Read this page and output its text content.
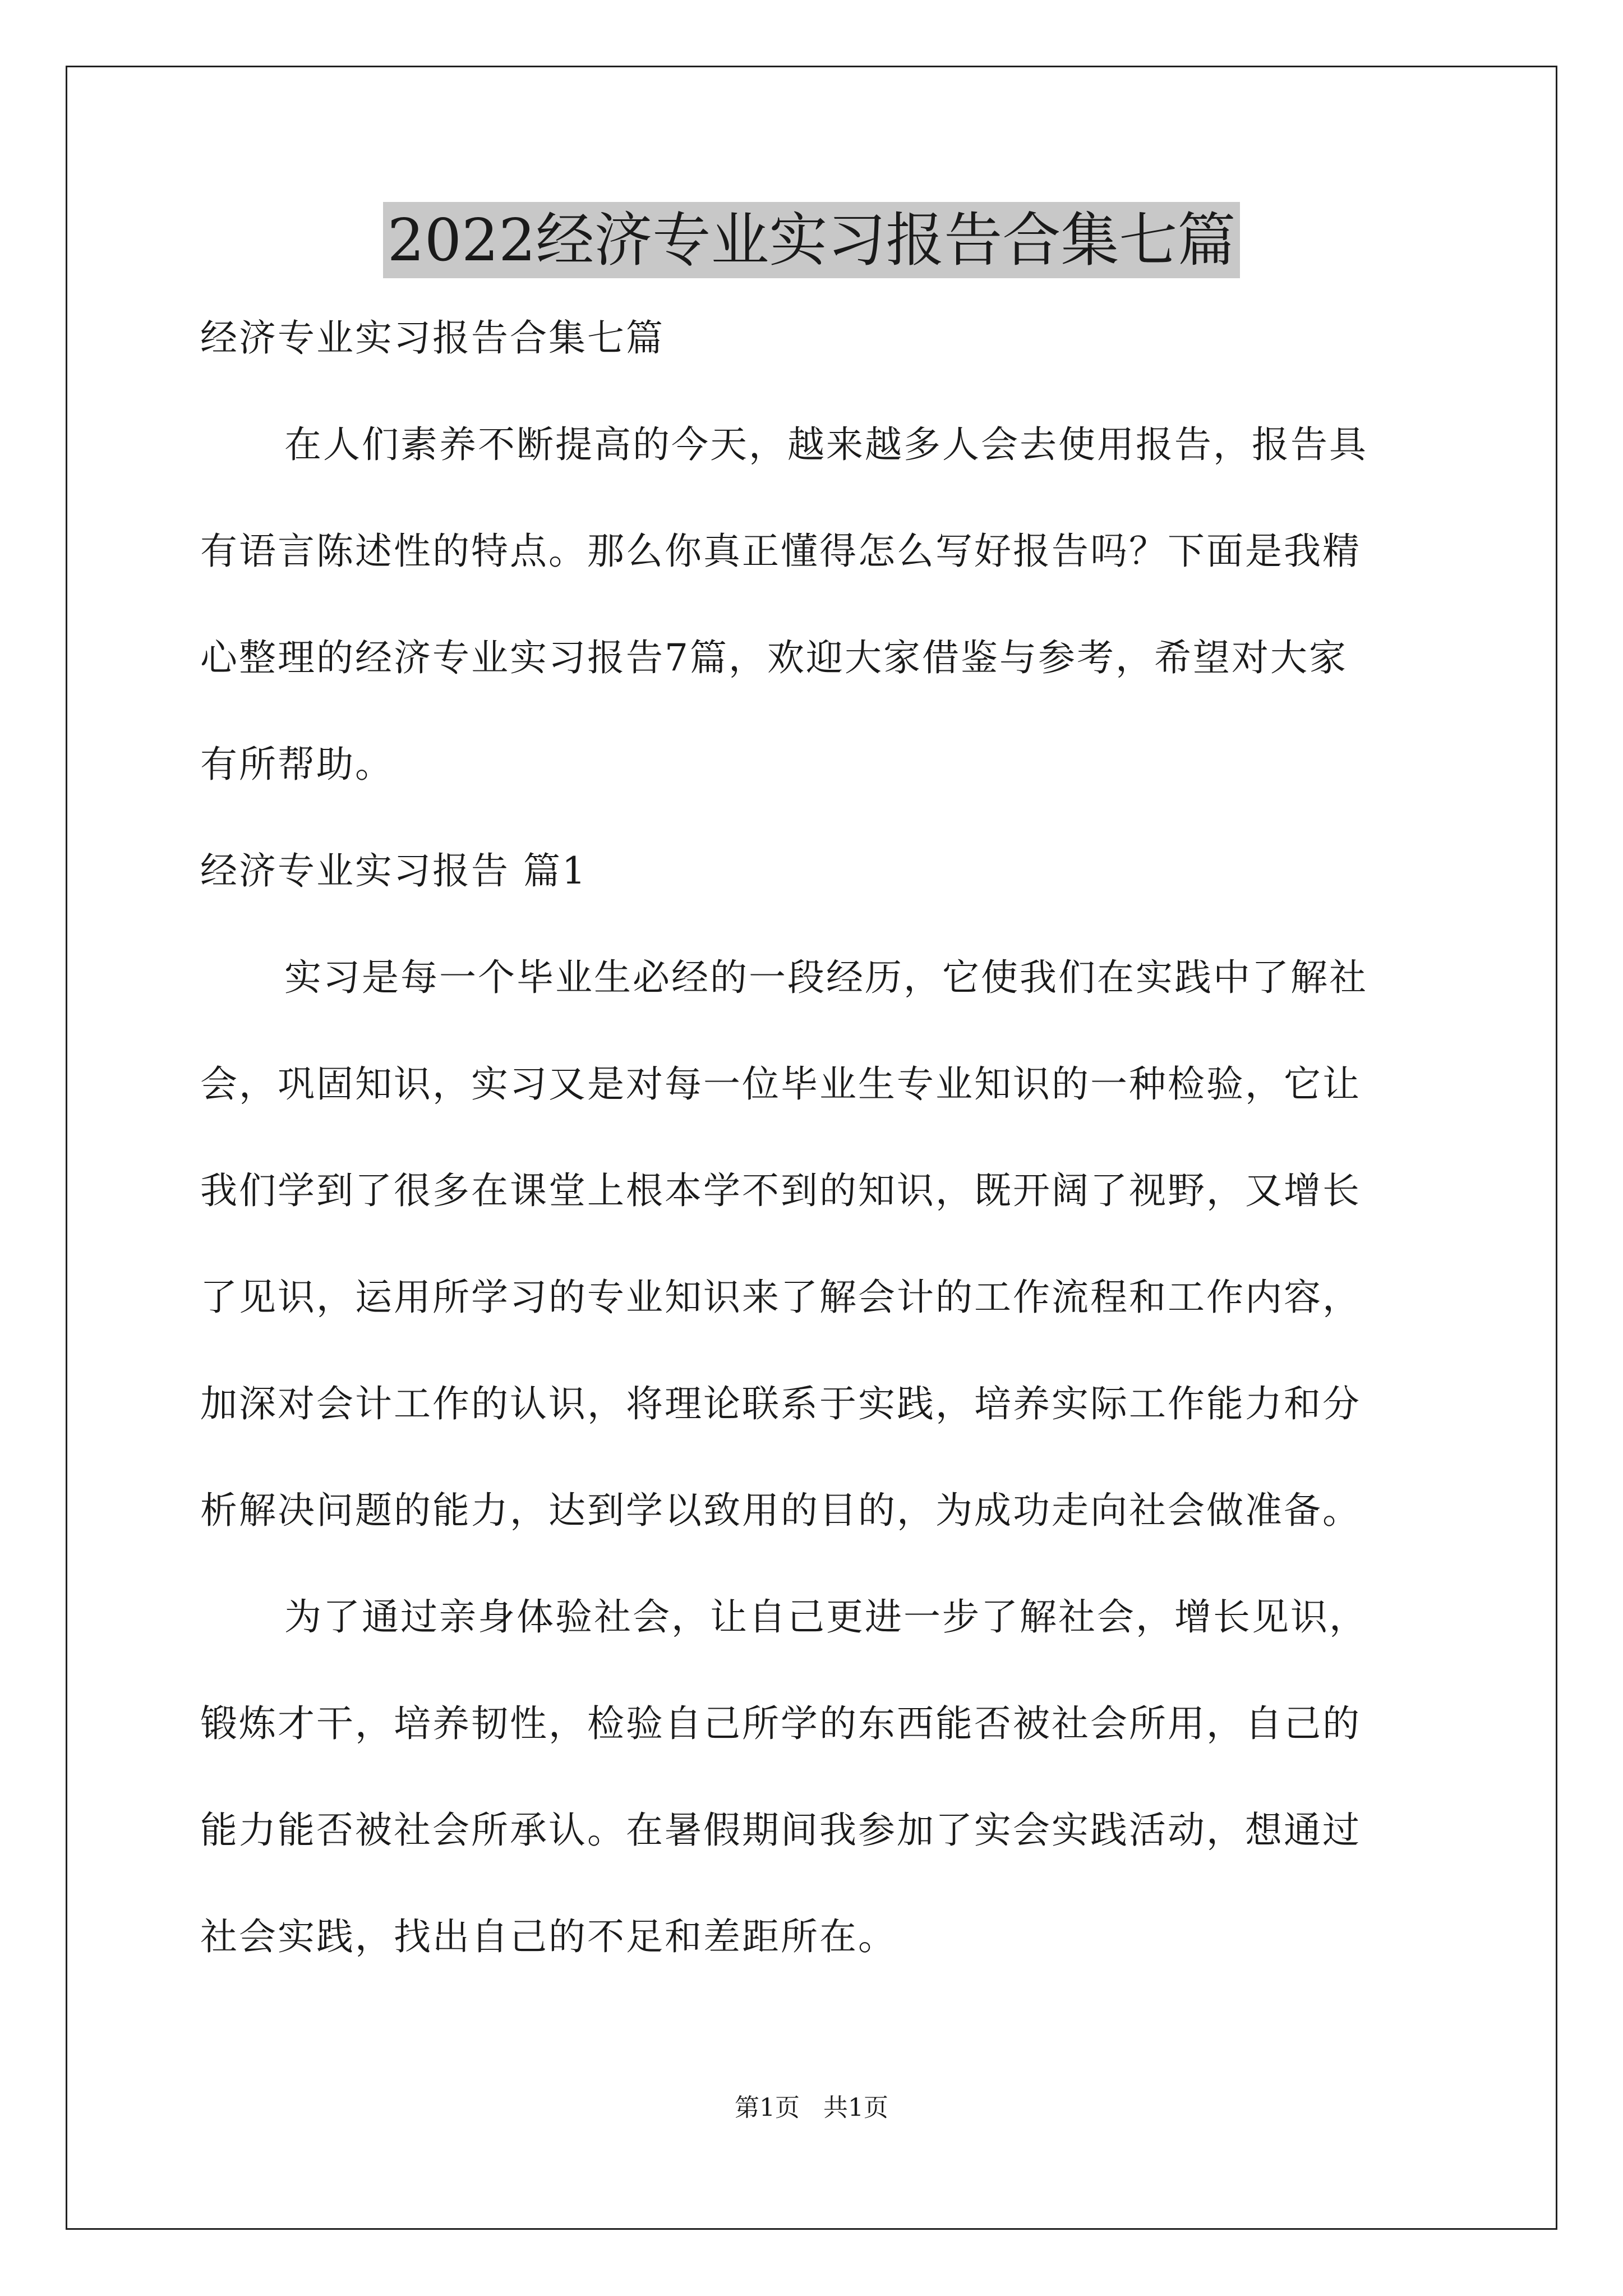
2022经济专业实习报告合集七篇
经济专业实习报告合集七篇
在人们素养不断提高的今天，越来越多人会去使用报告，报告具
有语言陈述性的特点。那么你真正懂得怎么写好报告吗？下面是我精
心整理的经济专业实习报告7篇，欢迎大家借鉴与参考，希望对大家
有所帮助。
经济专业实习报告 篇1
实习是每一个毕业生必经的一段经历，它使我们在实践中了解社
会，巩固知识，实习又是对每一位毕业生专业知识的一种检验，它让
我们学到了很多在课堂上根本学不到的知识，既开阔了视野，又增长
了见识，运用所学习的专业知识来了解会计的工作流程和工作内容，
加深对会计工作的认识，将理论联系于实践，培养实际工作能力和分
析解决问题的能力，达到学以致用的目的，为成功走向社会做准备。
为了通过亲身体验社会，让自己更进一步了解社会，增长见识，
锻炼才干，培养韧性，检验自己所学的东西能否被社会所用，自己的
能力能否被社会所承认。在暑假期间我参加了实会实践活动，想通过
社会实践，找出自己的不足和差距所在。
第1页   共1页
